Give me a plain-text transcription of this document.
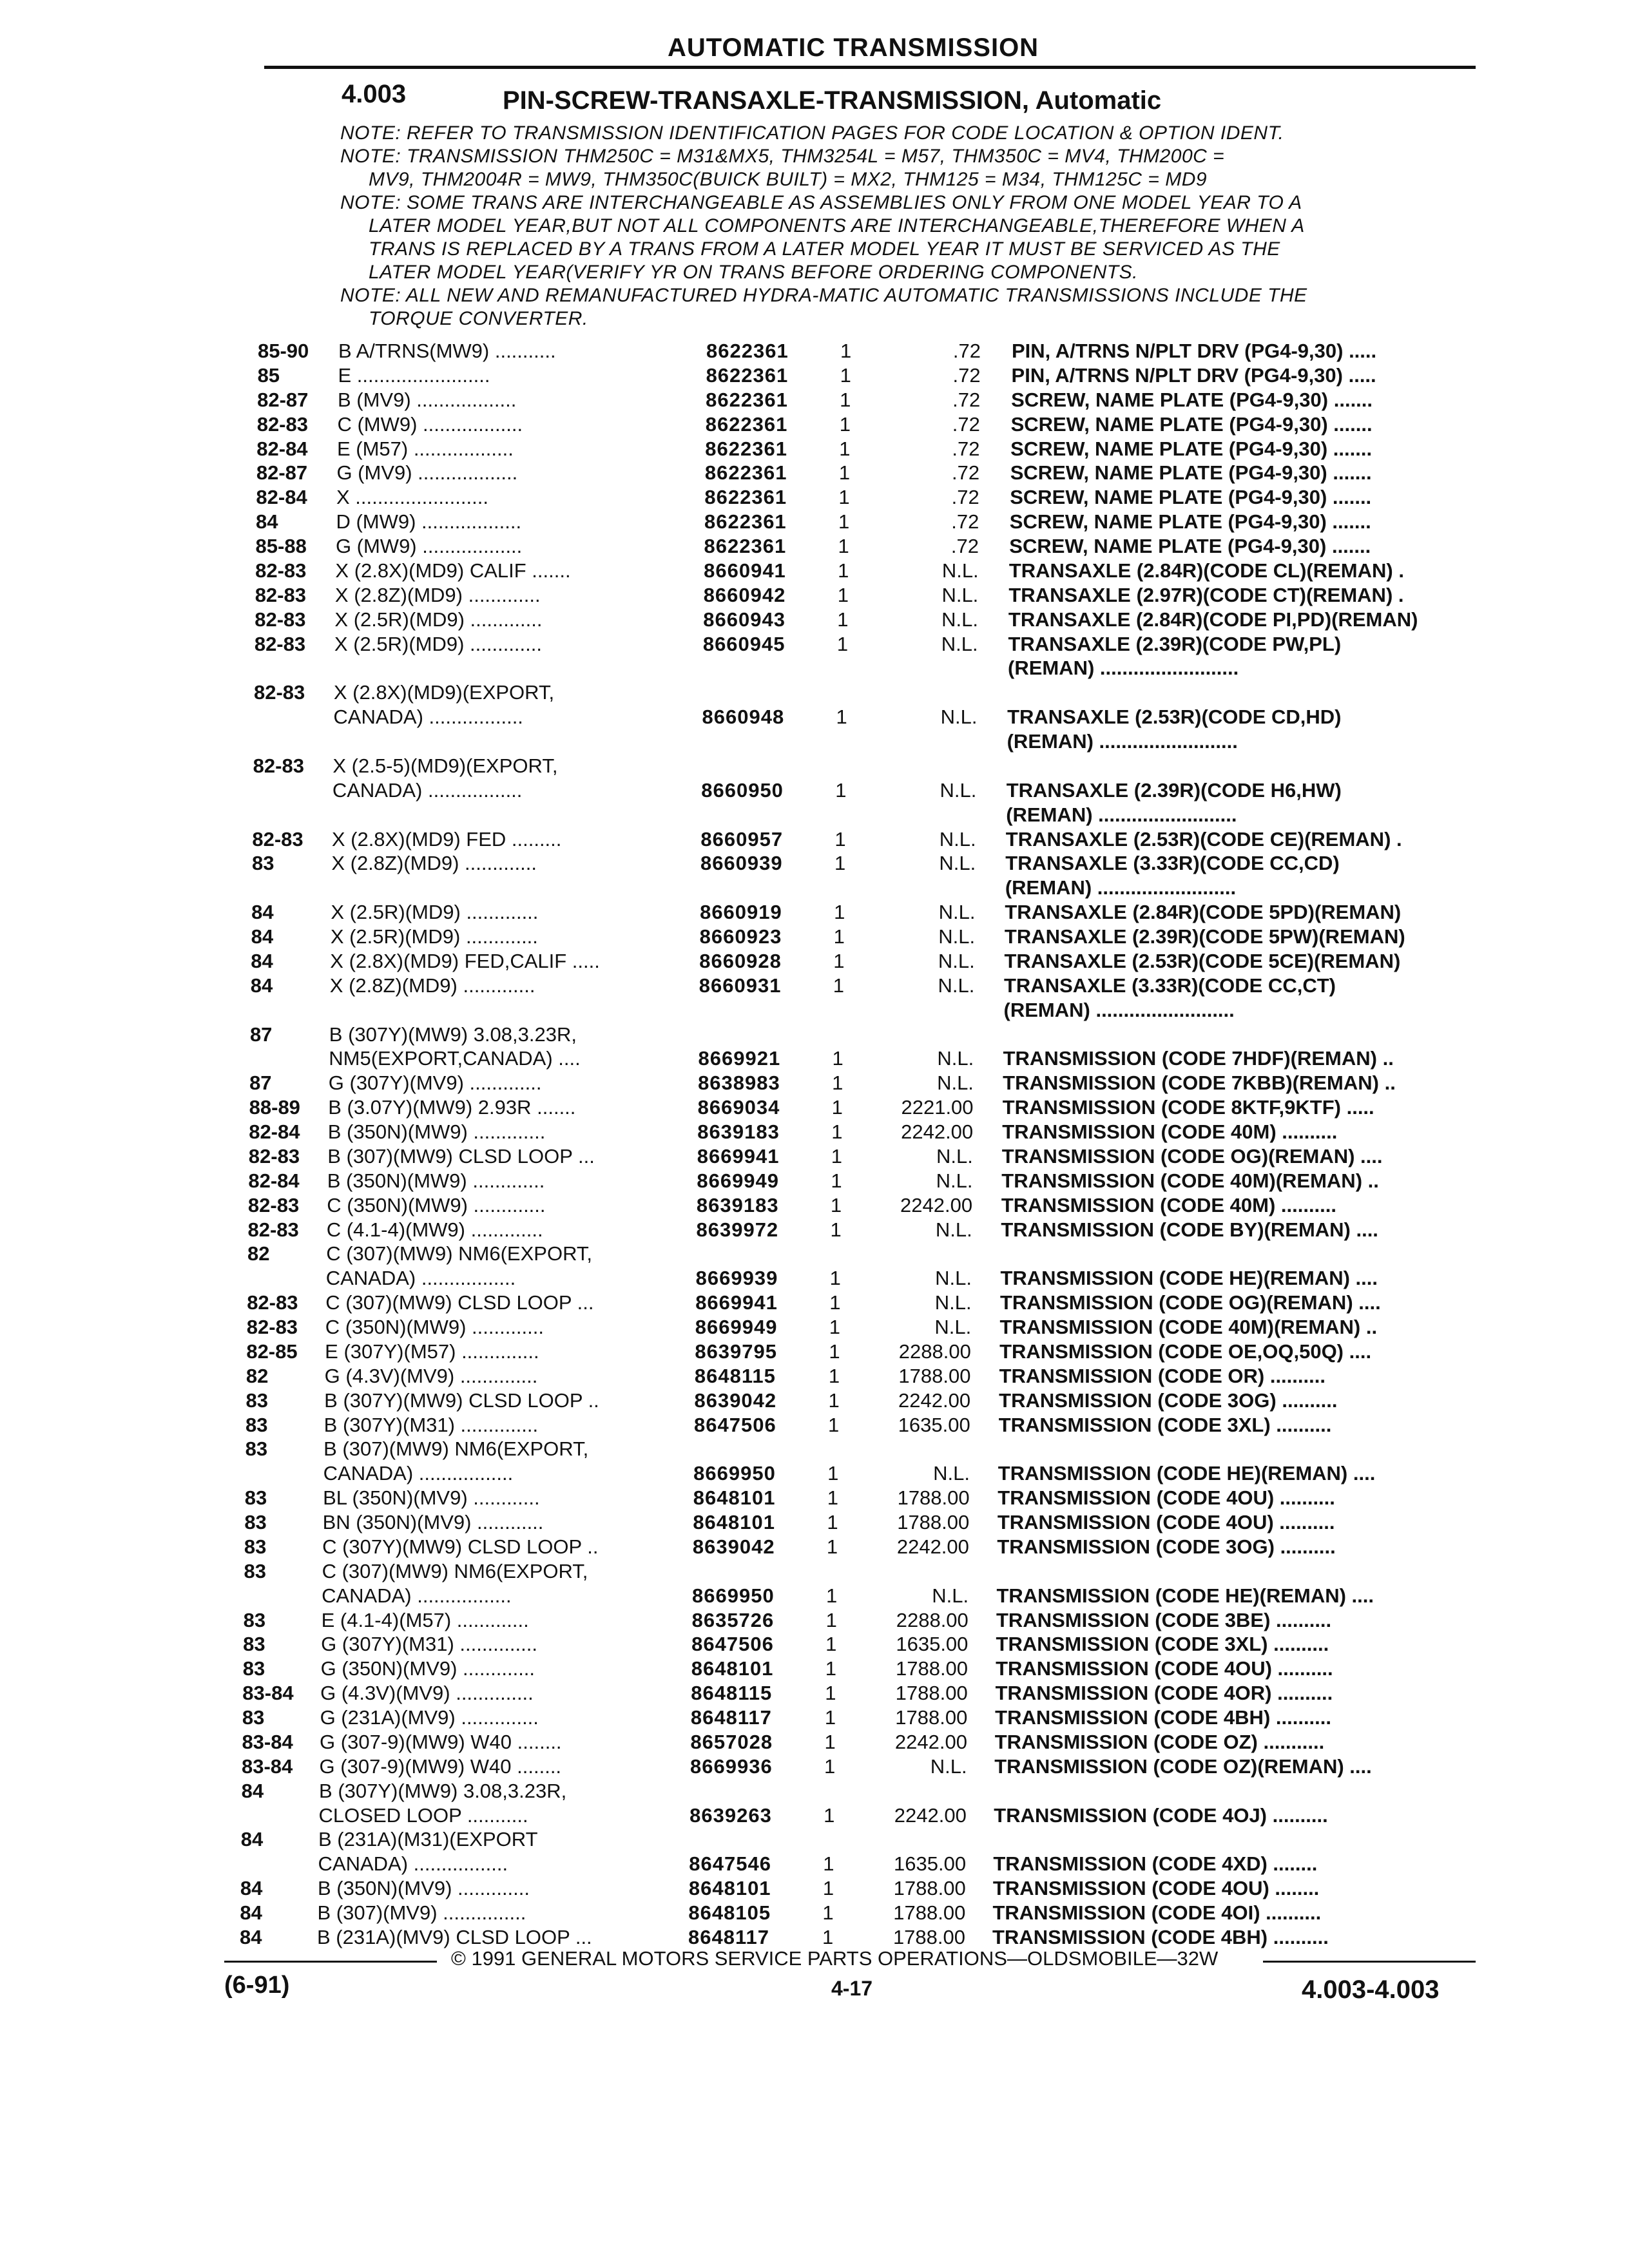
AUTOMATIC TRANSMISSION
4.003	PIN-SCREW-TRANSAXLE-TRANSMISSION, Automatic
NOTE: REFER TO TRANSMISSION IDENTIFICATION PAGES FOR CODE LOCATION & OPTION IDENT.
NOTE: TRANSMISSION THM250C = M31&MX5, THM3254L = M57, THM350C = MV4, THM200C =
MV9, THM2004R = MW9, THM350C(BUICK BUILT) = MX2, THM125 = M34, THM125C = MD9
NOTE: SOME TRANS ARE INTERCHANGEABLE AS ASSEMBLIES ONLY FROM ONE MODEL YEAR TO A
LATER MODEL YEAR,BUT NOT ALL COMPONENTS ARE INTERCHANGEABLE,THEREFORE WHEN A
TRANS IS REPLACED BY A TRANS FROM A LATER MODEL YEAR IT MUST BE SERVICED AS THE
LATER MODEL YEAR(VERIFY YR ON TRANS BEFORE ORDERING COMPONENTS.
NOTE: ALL NEW AND REMANUFACTURED HYDRA-MATIC AUTOMATIC TRANSMISSIONS INCLUDE THE
TORQUE CONVERTER.
85-90 B A/TRNS(MW9) ...........	8622361	1	.72 PIN, A/TRNS N/PLT DRV (PG4-9,30) .....
85	E ........................	8622361	1	.72 PIN, A/TRNS N/PLT DRV (PG4-9,30) .....
82-87 B (MV9) ..................	8622361	1	.72 SCREW, NAME PLATE (PG4-9,30) .......
82-83 C (MW9) ..................	8622361	1	.72 SCREW, NAME PLATE (PG4-9,30) .......
82-84 E (M57) ..................	8622361	1	.72 SCREW, NAME PLATE (PG4-9,30) .......
82-87 G (MV9) ..................	8622361	1	.72 SCREW, NAME PLATE (PG4-9,30) .......
82-84 X ........................	8622361	1	.72 SCREW, NAME PLATE (PG4-9,30) .......
84	D (MW9) ..................	8622361	1	.72 SCREW, NAME PLATE (PG4-9,30) .......
85-88 G (MW9) ..................	8622361	1	.72 SCREW, NAME PLATE (PG4-9,30) .......
82-83 X (2.8X)(MD9) CALIF .......	8660941	1	N.L. TRANSAXLE (2.84R)(CODE CL)(REMAN) .
82-83 X (2.8Z)(MD9) .............	8660942	1	N.L. TRANSAXLE (2.97R)(CODE CT)(REMAN) .
82-83 X (2.5R)(MD9) .............	8660943	1	N.L. TRANSAXLE (2.84R)(CODE PI,PD)(REMAN)
82-83 X (2.5R)(MD9) .............	8660945	1	N.L. TRANSAXLE (2.39R)(CODE PW,PL)
(REMAN) .........................
82-83 X (2.8X)(MD9)(EXPORT,
CANADA) .................	8660948	1	N.L. TRANSAXLE (2.53R)(CODE CD,HD)
(REMAN) .........................
82-83 X (2.5-5)(MD9)(EXPORT,
CANADA) .................	8660950	1	N.L. TRANSAXLE (2.39R)(CODE H6,HW)
(REMAN) .........................
82-83 X (2.8X)(MD9) FED .........	8660957	1	N.L. TRANSAXLE (2.53R)(CODE CE)(REMAN) .
83	X (2.8Z)(MD9) .............	8660939	1	N.L. TRANSAXLE (3.33R)(CODE CC,CD)
(REMAN) .........................
84	X (2.5R)(MD9) .............	8660919	1	N.L. TRANSAXLE (2.84R)(CODE 5PD)(REMAN)
84	X (2.5R)(MD9) .............	8660923	1	N.L. TRANSAXLE (2.39R)(CODE 5PW)(REMAN)
84	X (2.8X)(MD9) FED,CALIF .....	8660928	1	N.L. TRANSAXLE (2.53R)(CODE 5CE)(REMAN)
84	X (2.8Z)(MD9) .............	8660931	1	N.L. TRANSAXLE (3.33R)(CODE CC,CT)
(REMAN) .........................
87	B (307Y)(MW9) 3.08,3.23R,
NM5(EXPORT,CANADA) ....	8669921	1	N.L. TRANSMISSION (CODE 7HDF)(REMAN) ..
87	G (307Y)(MV9) .............	8638983	1	N.L. TRANSMISSION (CODE 7KBB)(REMAN) ..
88-89 B (3.07Y)(MW9) 2.93R .......	8669034	1	2221.00 TRANSMISSION (CODE 8KTF,9KTF) .....
82-84 B (350N)(MW9) .............	8639183	1	2242.00 TRANSMISSION (CODE 40M) ..........
82-83 B (307)(MW9) CLSD LOOP ...	8669941	1	N.L. TRANSMISSION (CODE OG)(REMAN) ....
82-84 B (350N)(MW9) .............	8669949	1	N.L. TRANSMISSION (CODE 40M)(REMAN) ..
82-83 C (350N)(MW9) .............	8639183	1	2242.00 TRANSMISSION (CODE 40M) ..........
82-83 C (4.1-4)(MW9) .............	8639972	1	N.L. TRANSMISSION (CODE BY)(REMAN) ....
82	C (307)(MW9) NM6(EXPORT,
CANADA) .................	8669939	1	N.L. TRANSMISSION (CODE HE)(REMAN) ....
82-83 C (307)(MW9) CLSD LOOP ...	8669941	1	N.L. TRANSMISSION (CODE OG)(REMAN) ....
82-83 C (350N)(MW9) .............	8669949	1	N.L. TRANSMISSION (CODE 40M)(REMAN) ..
82-85 E (307Y)(M57) ..............	8639795	1	2288.00 TRANSMISSION (CODE OE,OQ,50Q) ....
82	G (4.3V)(MV9) ..............	8648115	1	1788.00 TRANSMISSION (CODE OR) ..........
83	B (307Y)(MW9) CLSD LOOP ..	8639042	1	2242.00 TRANSMISSION (CODE 3OG) ..........
83	B (307Y)(M31) ..............	8647506	1	1635.00 TRANSMISSION (CODE 3XL) ..........
83	B (307)(MW9) NM6(EXPORT,
CANADA) .................	8669950	1	N.L. TRANSMISSION (CODE HE)(REMAN) ....
83	BL (350N)(MV9) ............	8648101	1	1788.00 TRANSMISSION (CODE 4OU) ..........
83	BN (350N)(MV9) ............	8648101	1	1788.00 TRANSMISSION (CODE 4OU) ..........
83	C (307Y)(MW9) CLSD LOOP ..	8639042	1	2242.00 TRANSMISSION (CODE 3OG) ..........
83	C (307)(MW9) NM6(EXPORT,
CANADA) .................	8669950	1	N.L. TRANSMISSION (CODE HE)(REMAN) ....
83	E (4.1-4)(M57) .............	8635726	1	2288.00 TRANSMISSION (CODE 3BE) ..........
83	G (307Y)(M31) ..............	8647506	1	1635.00 TRANSMISSION (CODE 3XL) ..........
83	G (350N)(MV9) .............	8648101	1	1788.00 TRANSMISSION (CODE 4OU) ..........
83-84 G (4.3V)(MV9) ..............	8648115	1	1788.00 TRANSMISSION (CODE 4OR) ..........
83	G (231A)(MV9) ..............	8648117	1	1788.00 TRANSMISSION (CODE 4BH) ..........
83-84 G (307-9)(MW9) W40 ........	8657028	1	2242.00 TRANSMISSION (CODE OZ) ...........
83-84 G (307-9)(MW9) W40 ........	8669936	1	N.L. TRANSMISSION (CODE OZ)(REMAN) ....
84	B (307Y)(MW9) 3.08,3.23R,
CLOSED LOOP ...........	8639263	1	2242.00 TRANSMISSION (CODE 4OJ) ..........
84	B (231A)(M31)(EXPORT
CANADA) .................	8647546	1	1635.00 TRANSMISSION (CODE 4XD) ........
84	B (350N)(MV9) .............	8648101	1	1788.00 TRANSMISSION (CODE 4OU) ........
84	B (307)(MV9) ...............	8648105	1	1788.00 TRANSMISSION (CODE 4OI) ..........
84	B (231A)(MV9) CLSD LOOP ...	8648117	1	1788.00 TRANSMISSION (CODE 4BH) ..........
© 1991 GENERAL MOTORS SERVICE PARTS OPERATIONS—OLDSMOBILE—32W
(6-91)	4-17	4.003-4.003
